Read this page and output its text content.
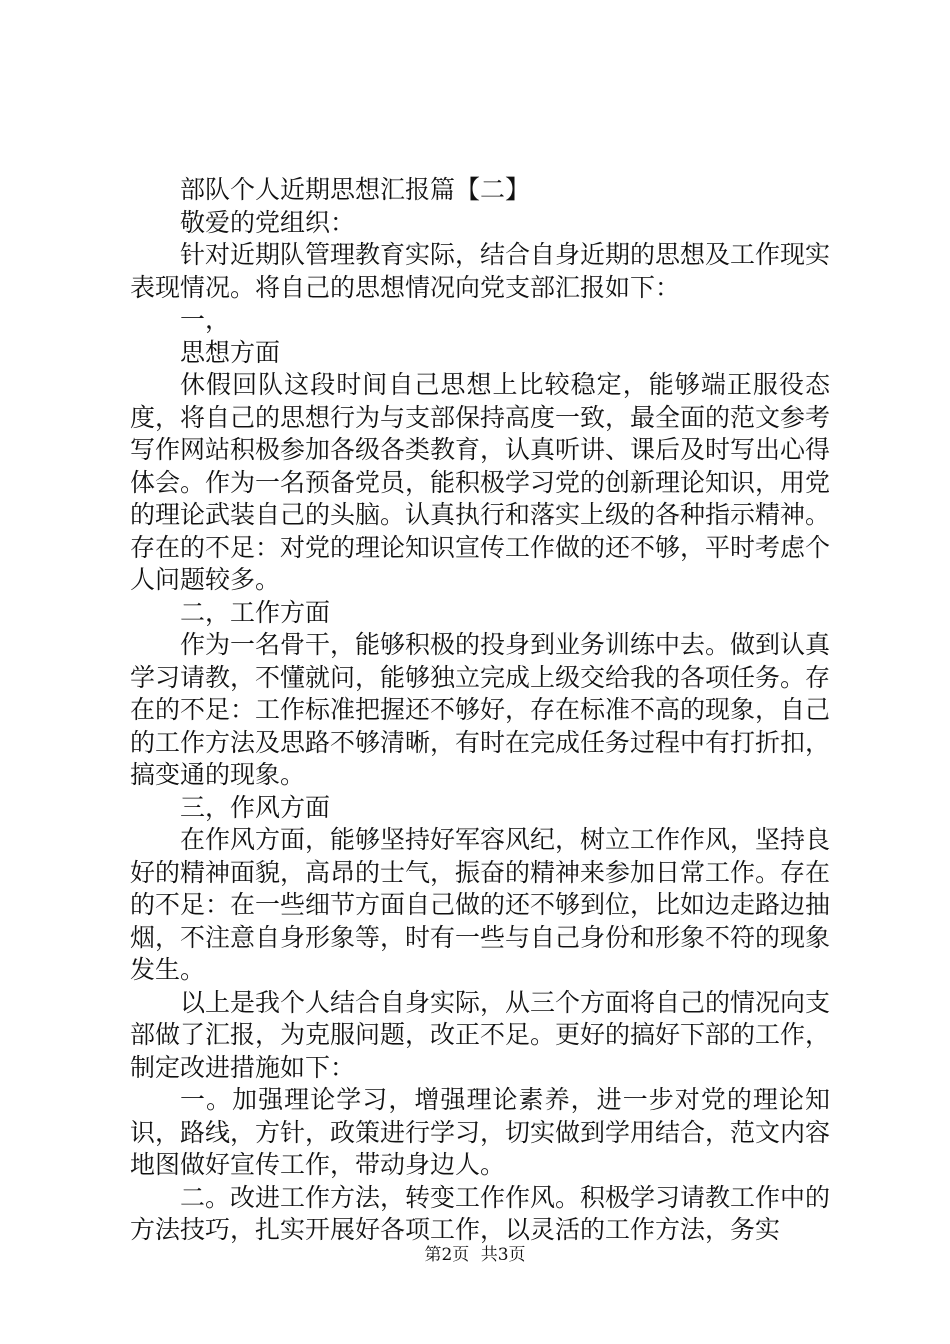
部队个人近期思想汇报篇【二】

敬爱的党组织：

针对近期队管理教育实际，结合自身近期的思想及工作现实表现情况。将自己的思想情况向党支部汇报如下：

一，

思想方面

休假回队这段时间自己思想上比较稳定，能够端正服役态度，将自己的思想行为与支部保持高度一致，最全面的范文参考写作网站积极参加各级各类教育，认真听讲、课后及时写出心得体会。作为一名预备党员，能积极学习党的创新理论知识，用党的理论武装自己的头脑。认真执行和落实上级的各种指示精神。存在的不足：对党的理论知识宣传工作做的还不够，平时考虑个人问题较多。

二，工作方面

作为一名骨干，能够积极的投身到业务训练中去。做到认真学习请教，不懂就问，能够独立完成上级交给我的各项任务。存在的不足：工作标准把握还不够好，存在标准不高的现象，自己的工作方法及思路不够清晰，有时在完成任务过程中有打折扣，搞变通的现象。

三，作风方面

在作风方面，能够坚持好军容风纪，树立工作作风，坚持良好的精神面貌，高昂的士气，振奋的精神来参加日常工作。存在的不足：在一些细节方面自己做的还不够到位，比如边走路边抽烟，不注意自身形象等，时有一些与自己身份和形象不符的现象发生。

以上是我个人结合自身实际，从三个方面将自己的情况向支部做了汇报，为克服问题，改正不足。更好的搞好下部的工作，制定改进措施如下：

一。加强理论学习，增强理论素养，进一步对党的理论知识，路线，方针，政策进行学习，切实做到学用结合，范文内容地图做好宣传工作，带动身边人。

二。改进工作方法，转变工作作风。积极学习请教工作中的方法技巧，扎实开展好各项工作，以灵活的工作方法，务实

第2页 共3页
